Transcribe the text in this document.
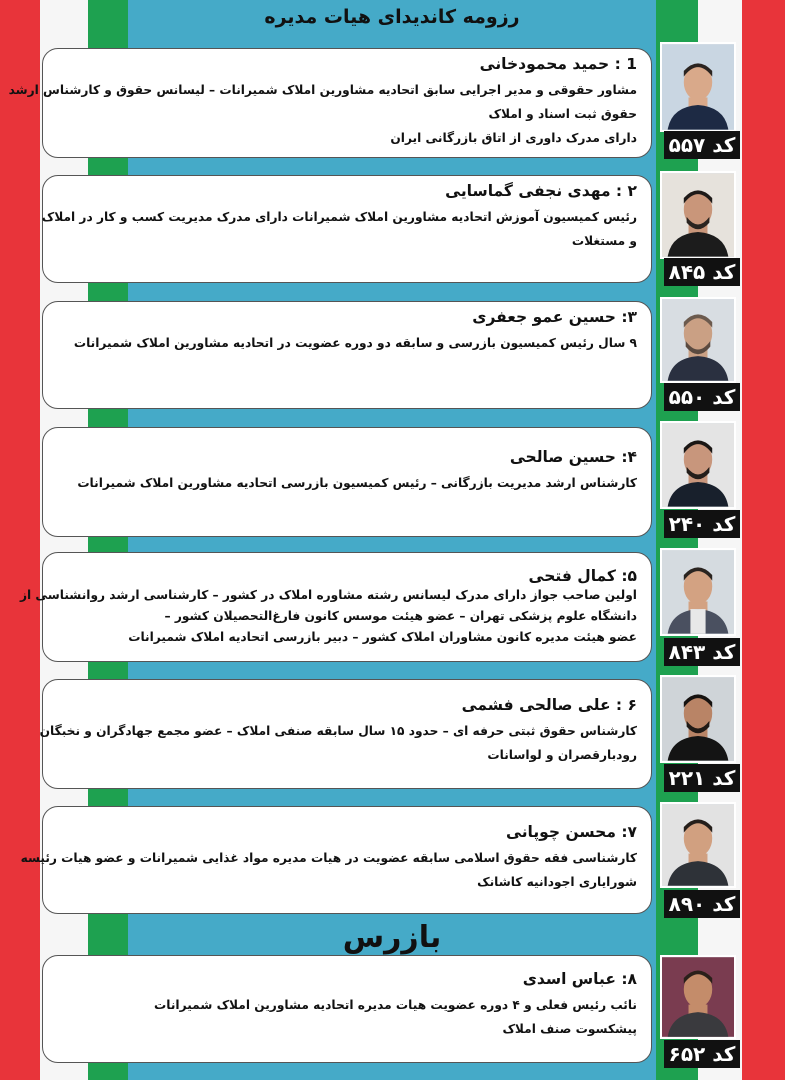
رزومه کاندیدای هیات مدیره
1 : حمید محمودخانی
مشاور حقوقی و مدیر اجرایی سابق اتحادیه مشاورین املاک شمیرانات – لیسانس حقوق و کارشناس ارشد
حقوق ثبت اسناد و املاک
دارای مدرک داوری از اتاق بازرگانی ایران کد ۵۵۷
۲ : مهدی نجفی گماسایی
رئیس کمیسیون آموزش اتحادیه مشاورین املاک شمیرانات دارای مدرک مدیریت کسب و کار در املاک
و مستغلات
کد ۸۴۵
۳: حسین عمو جعفری
۹ سال رئیس کمیسیون بازرسی و سابقه دو دوره عضویت در اتحادیه مشاورین املاک شمیرانات
کد ۵۵۰
۴: حسین صالحی
کارشناس ارشد مدیریت بازرگانی – رئیس کمیسیون بازرسی اتحادیه مشاورین املاک شمیرانات
کد ۲۴۰
۵: کمال فتحی
اولین صاحب جواز دارای مدرک لیسانس رشته مشاوره املاک در کشور – کارشناسی ارشد روانشناسی از
دانشگاه علوم پزشکی تهران – عضو هیئت موسس کانون فارغ‌التحصیلان کشور –
عضو هیئت مدیره کانون مشاوران املاک کشور – دبیر بازرسی اتحادیه املاک شمیرانات
کد ۸۴۳
۶ : علی صالحی فشمی
کارشناس حقوق ثبتی حرفه ای – حدود ۱۵ سال سابقه صنفی املاک – عضو مجمع جهادگران و نخبگان
رودبارقصران و لواسانات
کد ۲۲۱
۷: محسن چوپانی
کارشناسی فقه حقوق اسلامی سابقه عضویت در هیات مدیره مواد غذایی شمیرانات و عضو هیات رئیسه
شورایاری اجودانیه کاشانک
کد ۸۹۰
بازرس
۸: عباس اسدی
نائب رئیس فعلی و ۴ دوره عضویت هیات مدیره اتحادیه مشاورین املاک شمیرانات
پیشکسوت صنف املاک
کد ۶۵۲
